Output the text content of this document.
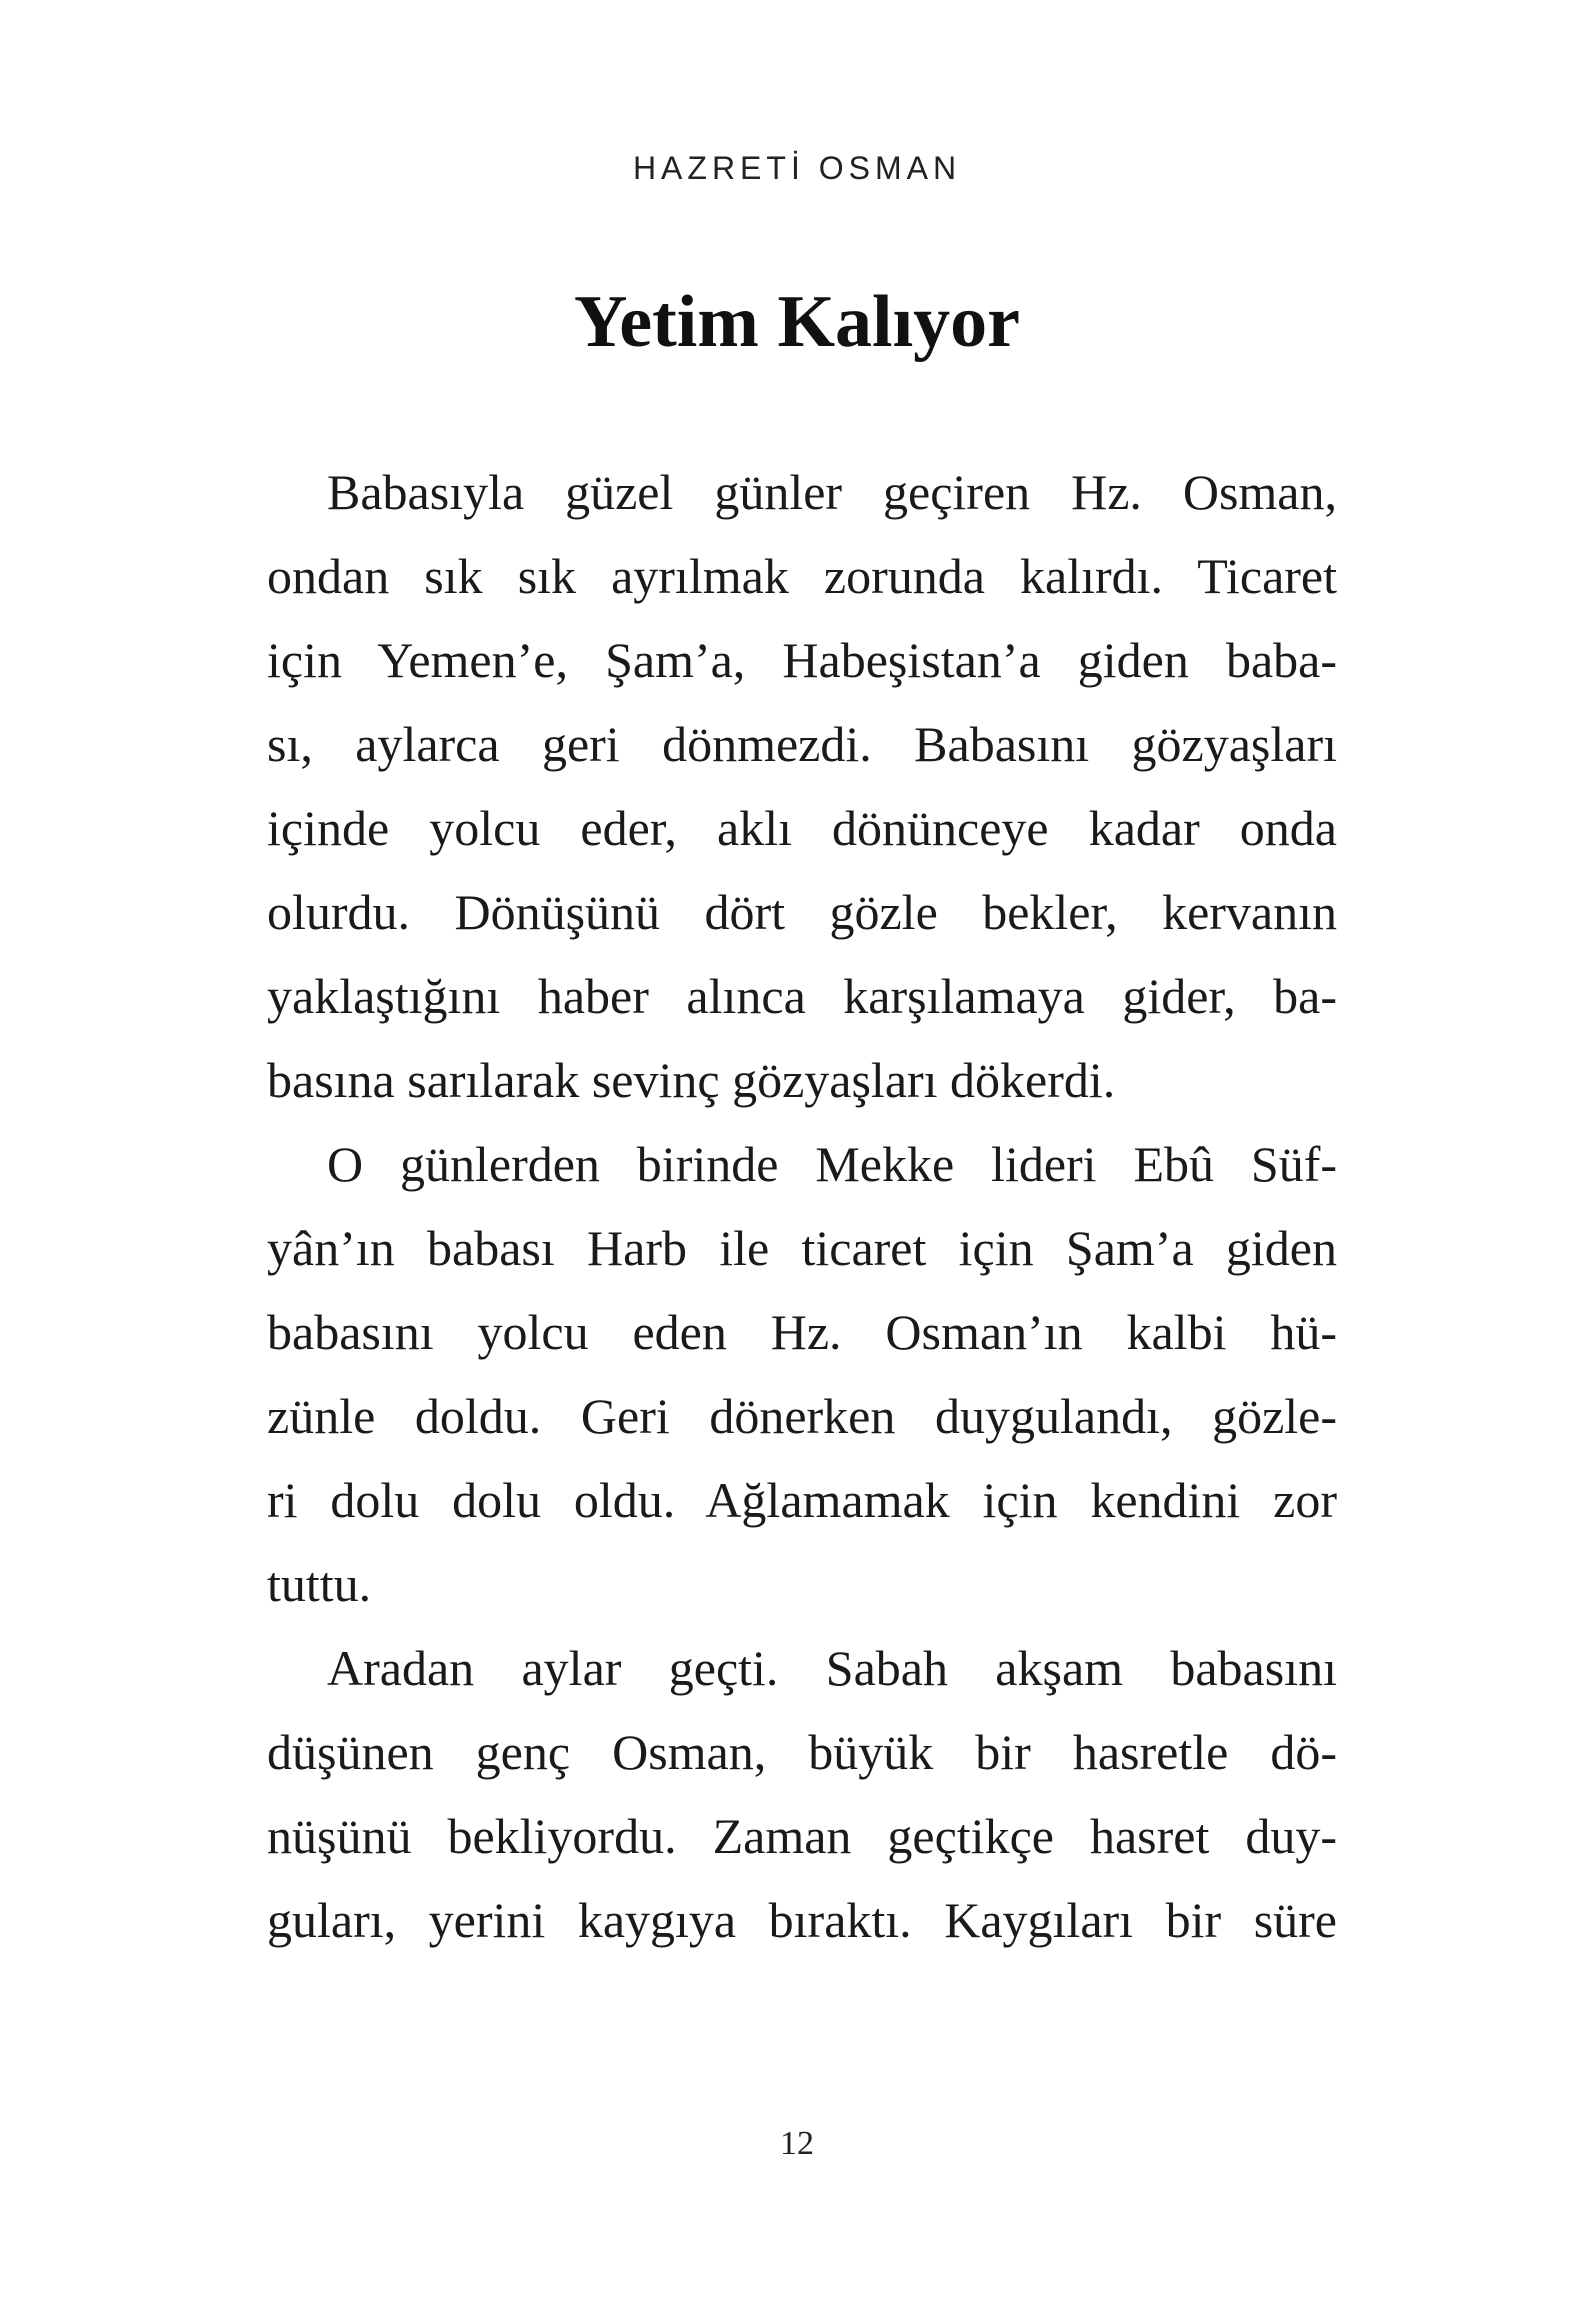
HAZRETİ OSMAN
Yetim Kalıyor
Babasıyla güzel günler geçiren Hz. Osman,
ondan sık sık ayrılmak zorunda kalırdı. Ticaret
için Yemen’e, Şam’a, Habeşistan’a giden baba-
sı, aylarca geri dönmezdi. Babasını gözyaşları
içinde yolcu eder, aklı dönünceye kadar onda
olurdu. Dönüşünü dört gözle bekler, kervanın
yaklaştığını haber alınca karşılamaya gider, ba-
basına sarılarak sevinç gözyaşları dökerdi.
O günlerden birinde Mekke lideri Ebû Süf-
yân’ın babası Harb ile ticaret için Şam’a giden
babasını yolcu eden Hz. Osman’ın kalbi hü-
zünle doldu. Geri dönerken duygulandı, gözle-
ri dolu dolu oldu. Ağlamamak için kendini zor
tuttu.
Aradan aylar geçti. Sabah akşam babasını
düşünen genç Osman, büyük bir hasretle dö-
nüşünü bekliyordu. Zaman geçtikçe hasret duy-
guları, yerini kaygıya bıraktı. Kaygıları bir süre
12
